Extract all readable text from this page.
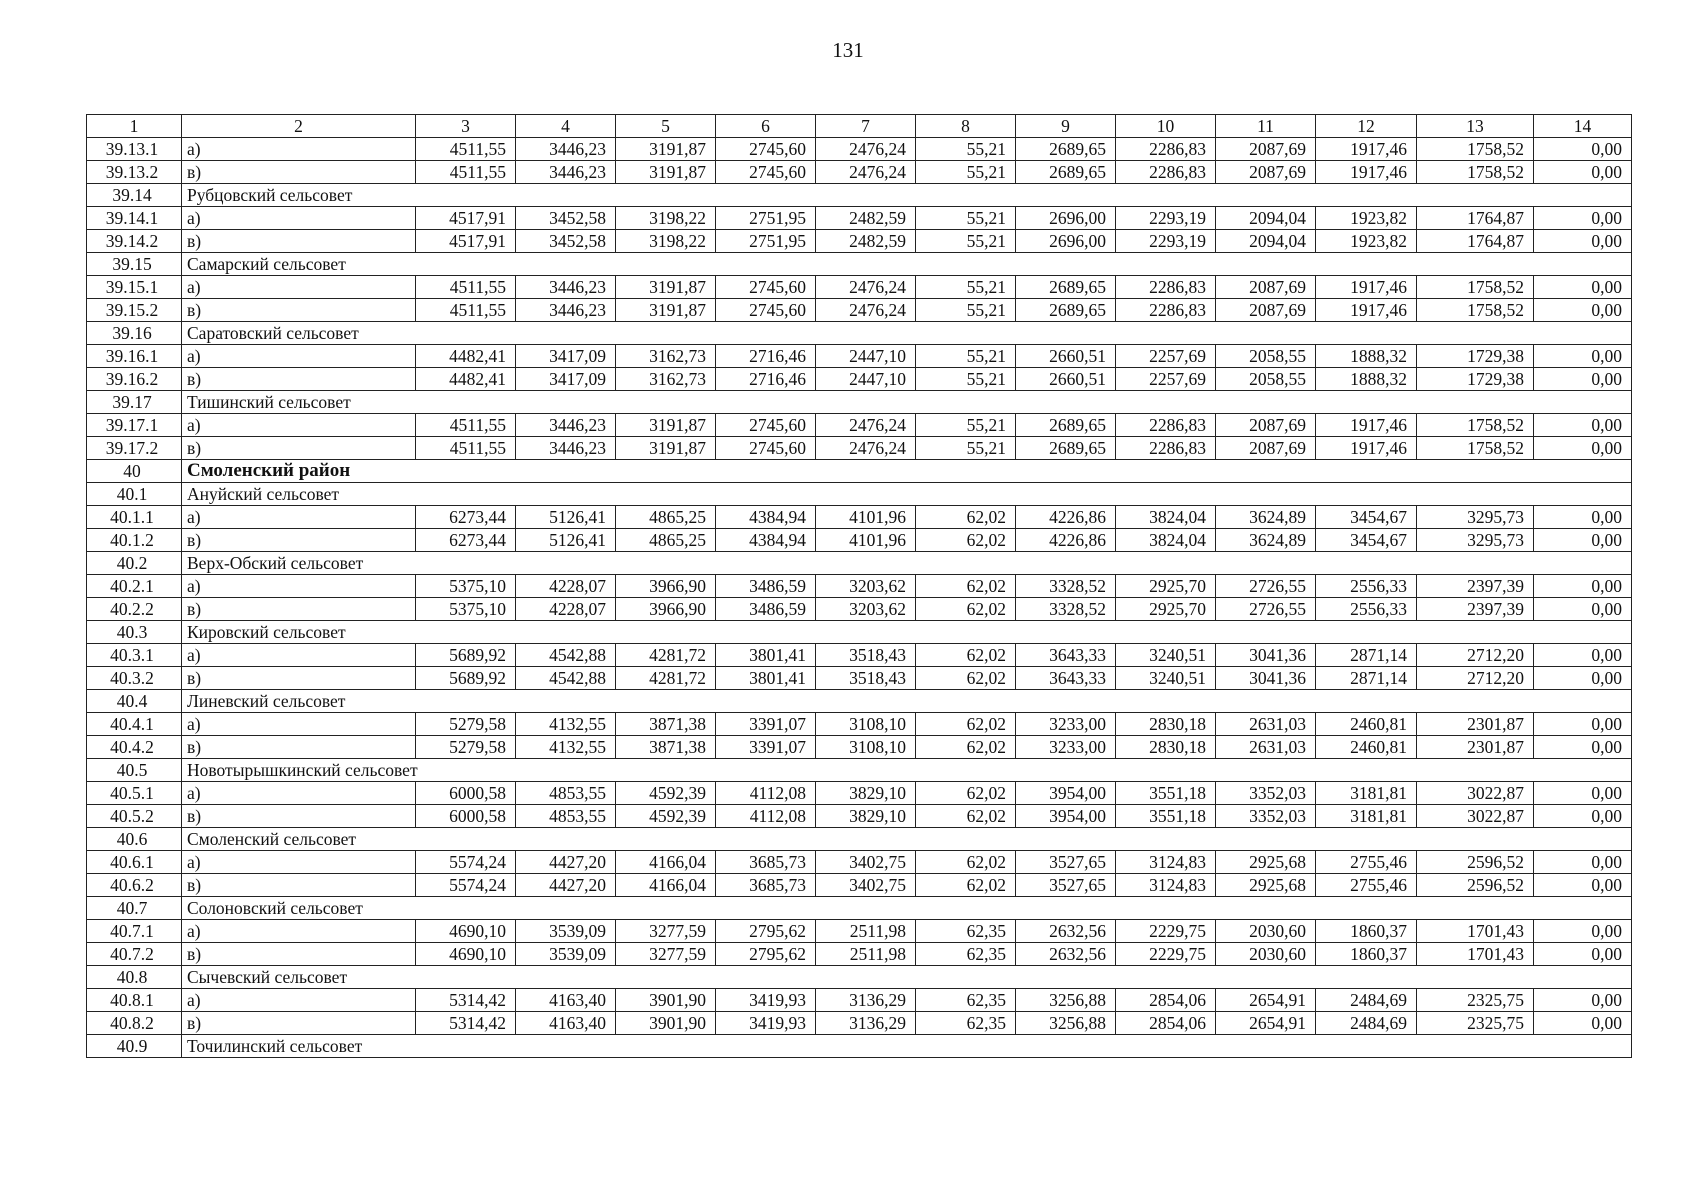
131
1	2	3	4	5	6	7	8	9	10	11	12	13	14
39.13.1	а)	4511,55	3446,23	3191,87	2745,60	2476,24	55,21	2689,65	2286,83	2087,69	1917,46	1758,52	0,00
39.13.2	в)	4511,55	3446,23	3191,87	2745,60	2476,24	55,21	2689,65	2286,83	2087,69	1917,46	1758,52	0,00
39.14	Рубцовский сельсовет												
39.14.1	а)	4517,91	3452,58	3198,22	2751,95	2482,59	55,21	2696,00	2293,19	2094,04	1923,82	1764,87	0,00
39.14.2	в)	4517,91	3452,58	3198,22	2751,95	2482,59	55,21	2696,00	2293,19	2094,04	1923,82	1764,87	0,00
39.15	Самарский сельсовет												
39.15.1	а)	4511,55	3446,23	3191,87	2745,60	2476,24	55,21	2689,65	2286,83	2087,69	1917,46	1758,52	0,00
39.15.2	в)	4511,55	3446,23	3191,87	2745,60	2476,24	55,21	2689,65	2286,83	2087,69	1917,46	1758,52	0,00
39.16	Саратовский сельсовет												
39.16.1	а)	4482,41	3417,09	3162,73	2716,46	2447,10	55,21	2660,51	2257,69	2058,55	1888,32	1729,38	0,00
39.16.2	в)	4482,41	3417,09	3162,73	2716,46	2447,10	55,21	2660,51	2257,69	2058,55	1888,32	1729,38	0,00
39.17	Тишинский сельсовет												
39.17.1	а)	4511,55	3446,23	3191,87	2745,60	2476,24	55,21	2689,65	2286,83	2087,69	1917,46	1758,52	0,00
39.17.2	в)	4511,55	3446,23	3191,87	2745,60	2476,24	55,21	2689,65	2286,83	2087,69	1917,46	1758,52	0,00
40	Смоленский район												
40.1	Ануйский сельсовет												
40.1.1	а)	6273,44	5126,41	4865,25	4384,94	4101,96	62,02	4226,86	3824,04	3624,89	3454,67	3295,73	0,00
40.1.2	в)	6273,44	5126,41	4865,25	4384,94	4101,96	62,02	4226,86	3824,04	3624,89	3454,67	3295,73	0,00
40.2	Верх-Обский сельсовет												
40.2.1	а)	5375,10	4228,07	3966,90	3486,59	3203,62	62,02	3328,52	2925,70	2726,55	2556,33	2397,39	0,00
40.2.2	в)	5375,10	4228,07	3966,90	3486,59	3203,62	62,02	3328,52	2925,70	2726,55	2556,33	2397,39	0,00
40.3	Кировский сельсовет												
40.3.1	а)	5689,92	4542,88	4281,72	3801,41	3518,43	62,02	3643,33	3240,51	3041,36	2871,14	2712,20	0,00
40.3.2	в)	5689,92	4542,88	4281,72	3801,41	3518,43	62,02	3643,33	3240,51	3041,36	2871,14	2712,20	0,00
40.4	Линевский сельсовет												
40.4.1	а)	5279,58	4132,55	3871,38	3391,07	3108,10	62,02	3233,00	2830,18	2631,03	2460,81	2301,87	0,00
40.4.2	в)	5279,58	4132,55	3871,38	3391,07	3108,10	62,02	3233,00	2830,18	2631,03	2460,81	2301,87	0,00
40.5	Новотырышкинский сельсовет												
40.5.1	а)	6000,58	4853,55	4592,39	4112,08	3829,10	62,02	3954,00	3551,18	3352,03	3181,81	3022,87	0,00
40.5.2	в)	6000,58	4853,55	4592,39	4112,08	3829,10	62,02	3954,00	3551,18	3352,03	3181,81	3022,87	0,00
40.6	Смоленский сельсовет												
40.6.1	а)	5574,24	4427,20	4166,04	3685,73	3402,75	62,02	3527,65	3124,83	2925,68	2755,46	2596,52	0,00
40.6.2	в)	5574,24	4427,20	4166,04	3685,73	3402,75	62,02	3527,65	3124,83	2925,68	2755,46	2596,52	0,00
40.7	Солоновский сельсовет												
40.7.1	а)	4690,10	3539,09	3277,59	2795,62	2511,98	62,35	2632,56	2229,75	2030,60	1860,37	1701,43	0,00
40.7.2	в)	4690,10	3539,09	3277,59	2795,62	2511,98	62,35	2632,56	2229,75	2030,60	1860,37	1701,43	0,00
40.8	Сычевский сельсовет												
40.8.1	а)	5314,42	4163,40	3901,90	3419,93	3136,29	62,35	3256,88	2854,06	2654,91	2484,69	2325,75	0,00
40.8.2	в)	5314,42	4163,40	3901,90	3419,93	3136,29	62,35	3256,88	2854,06	2654,91	2484,69	2325,75	0,00
40.9	Точилинский сельсовет												
